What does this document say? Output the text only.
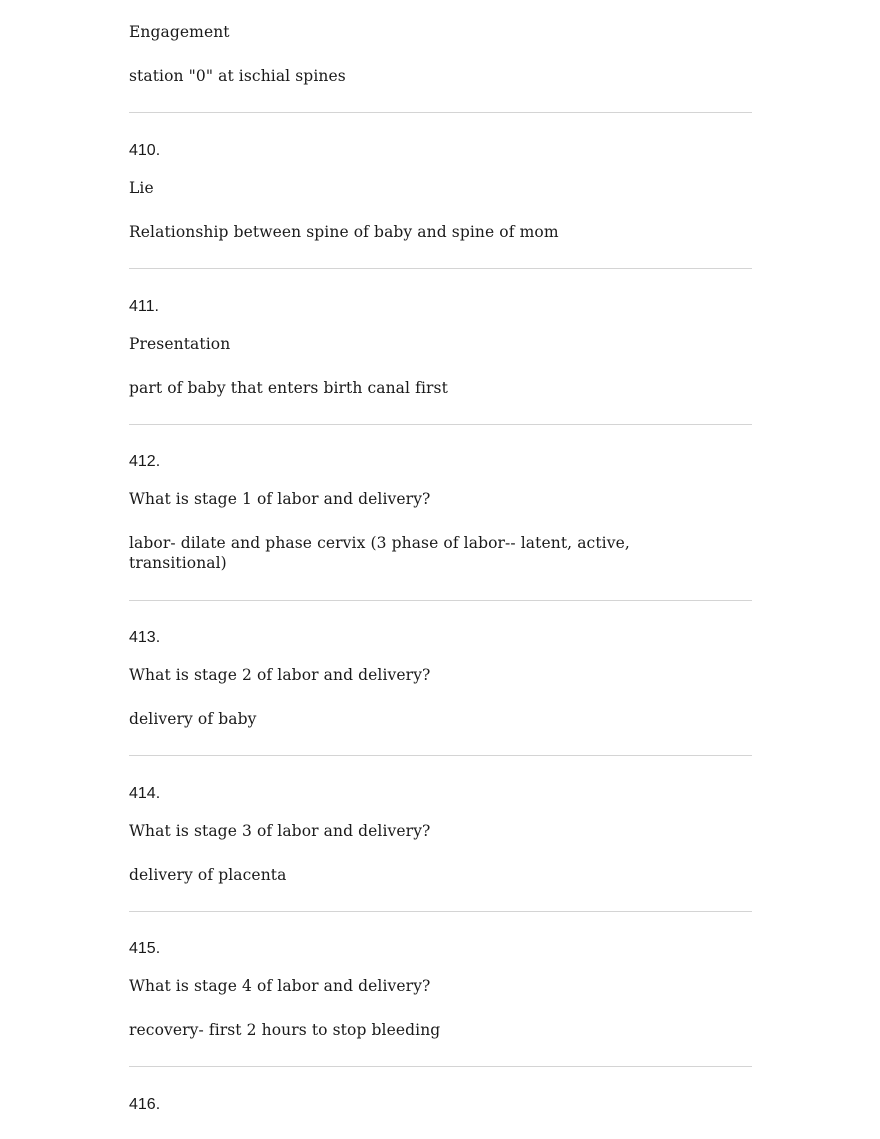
Engagement
station "0" at ischial spines
410.
Lie
Relationship between spine of baby and spine of mom
411.
Presentation
part of baby that enters birth canal first
412.
What is stage 1 of labor and delivery?
labor- dilate and phase cervix (3 phase of labor-- latent, active, transitional)
413.
What is stage 2 of labor and delivery?
delivery of baby
414.
What is stage 3 of labor and delivery?
delivery of placenta
415.
What is stage 4 of labor and delivery?
recovery- first 2 hours to stop bleeding
416.
